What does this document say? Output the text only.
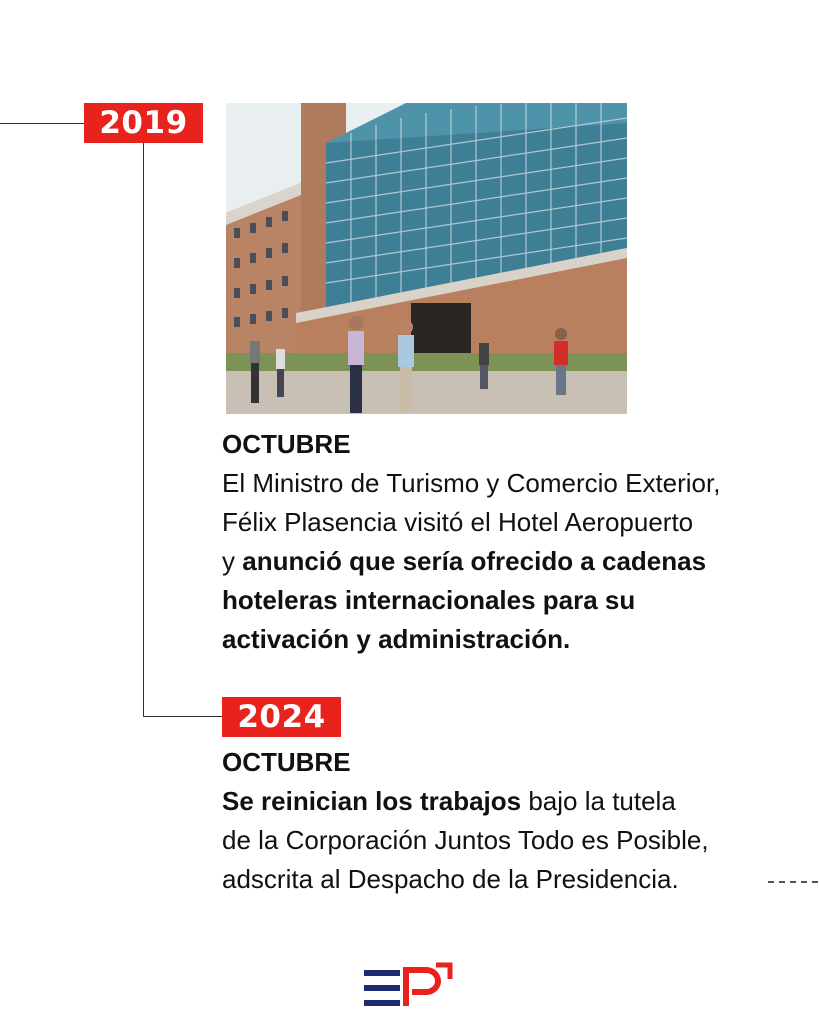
2019
OCTUBRE
El Ministro de Turismo y Comercio Exterior,
Félix Plasencia visitó el Hotel Aeropuerto
y anunció que sería ofrecido a cadenas
hoteleras internacionales para su
activación y administración.
2024
OCTUBRE
Se reinician los trabajos bajo la tutela
de la Corporación Juntos Todo es Posible,
adscrita al Despacho de la Presidencia.
